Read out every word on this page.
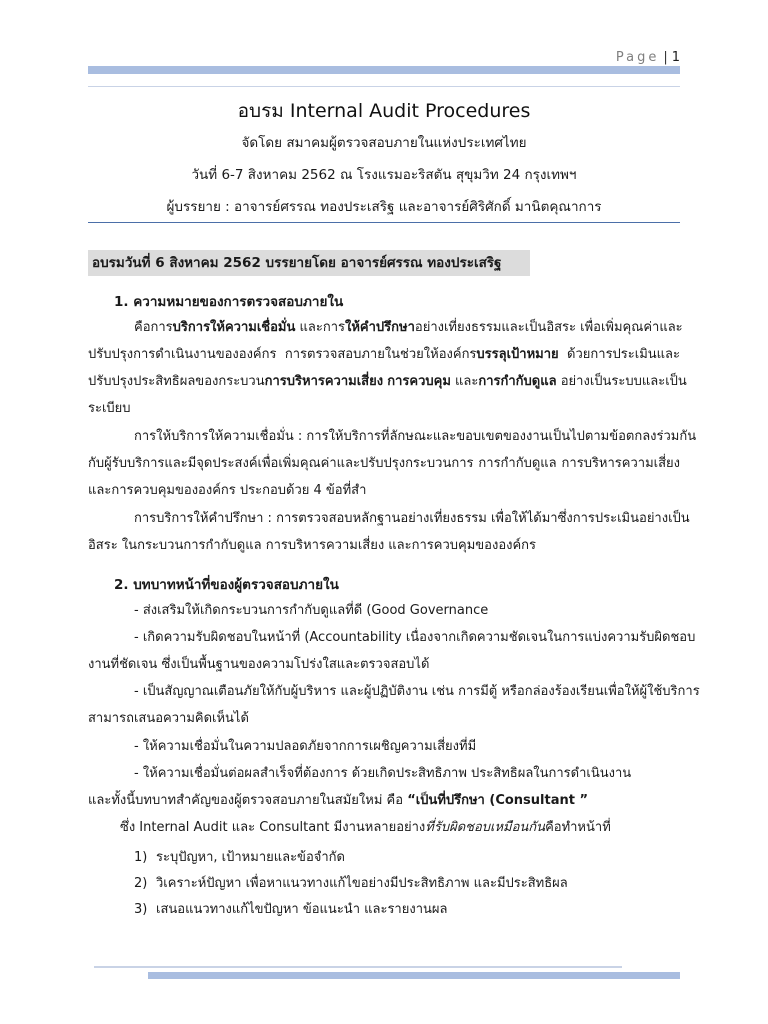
Page | 1
อบรม Internal Audit Procedures
จัดโดย สมาคมผู้ตรวจสอบภายในแห่งประเทศไทย
วันที่ 6-7 สิงหาคม 2562 ณ โรงแรมอะริสตัน สุขุมวิท 24 กรุงเทพฯ
ผู้บรรยาย : อาจารย์ศรรณ ทองประเสริฐ และอาจารย์ศิริศักดิ์ มานิตคุณาการ
อบรมวันที่ 6 สิงหาคม 2562 บรรยายโดย อาจารย์ศรรณ ทองประเสริฐ
1. ความหมายของการตรวจสอบภายใน
คือการบริการให้ความเชื่อมั่น และการให้คำปรึกษาอย่างเที่ยงธรรมและเป็นอิสระ เพื่อเพิ่มคุณค่าและ
ปรับปรุงการดำเนินงานขององค์กร การตรวจสอบภายในช่วยให้องค์กรบรรลุเป้าหมาย ด้วยการประเมินและ
ปรับปรุงประสิทธิผลของกระบวนการบริหารความเสี่ยง การควบคุม และการกำกับดูแล อย่างเป็นระบบและเป็น
ระเบียบ
การให้บริการให้ความเชื่อมั่น : การให้บริการที่ลักษณะและขอบเขตของงานเป็นไปตามข้อตกลงร่วมกัน
กับผู้รับบริการและมีจุดประสงค์เพื่อเพิ่มคุณค่าและปรับปรุงกระบวนการ การกำกับดูแล การบริหารความเสี่ยง
และการควบคุมขององค์กร ประกอบด้วย 4 ข้อที่สำ
การบริการให้คำปรึกษา : การตรวจสอบหลักฐานอย่างเที่ยงธรรม เพื่อให้ได้มาซึ่งการประเมินอย่างเป็น
อิสระ ในกระบวนการกำกับดูแล การบริหารความเสี่ยง และการควบคุมขององค์กร
2. บทบาทหน้าที่ของผู้ตรวจสอบภายใน
- ส่งเสริมให้เกิดกระบวนการกำกับดูแลที่ดี (Good Governance
- เกิดความรับผิดชอบในหน้าที่ (Accountability เนื่องจากเกิดความชัดเจนในการแบ่งความรับผิดชอบ
งานที่ชัดเจน ซึ่งเป็นพื้นฐานของความโปร่งใสและตรวจสอบได้
- เป็นสัญญาณเตือนภัยให้กับผู้บริหาร และผู้ปฏิบัติงาน เช่น การมีตู้ หรือกล่องร้องเรียนเพื่อให้ผู้ใช้บริการ
สามารถเสนอความคิดเห็นได้
- ให้ความเชื่อมั่นในความปลอดภัยจากการเผชิญความเสี่ยงที่มี
- ให้ความเชื่อมั่นต่อผลสำเร็จที่ต้องการ ด้วยเกิดประสิทธิภาพ ประสิทธิผลในการดำเนินงาน
และทั้งนี้บทบาทสำคัญของผู้ตรวจสอบภายในสมัยใหม่ คือ “เป็นที่ปรึกษา (Consultant ”
ซึ่ง Internal Audit และ Consultant มีงานหลายอย่างที่รับผิดชอบเหมือนกันคือทำหน้าที่
1) ระบุปัญหา, เป้าหมายและข้อจำกัด
2) วิเคราะห์ปัญหา เพื่อหาแนวทางแก้ไขอย่างมีประสิทธิภาพ และมีประสิทธิผล
3) เสนอแนวทางแก้ไขปัญหา ข้อแนะนำ และรายงานผล
